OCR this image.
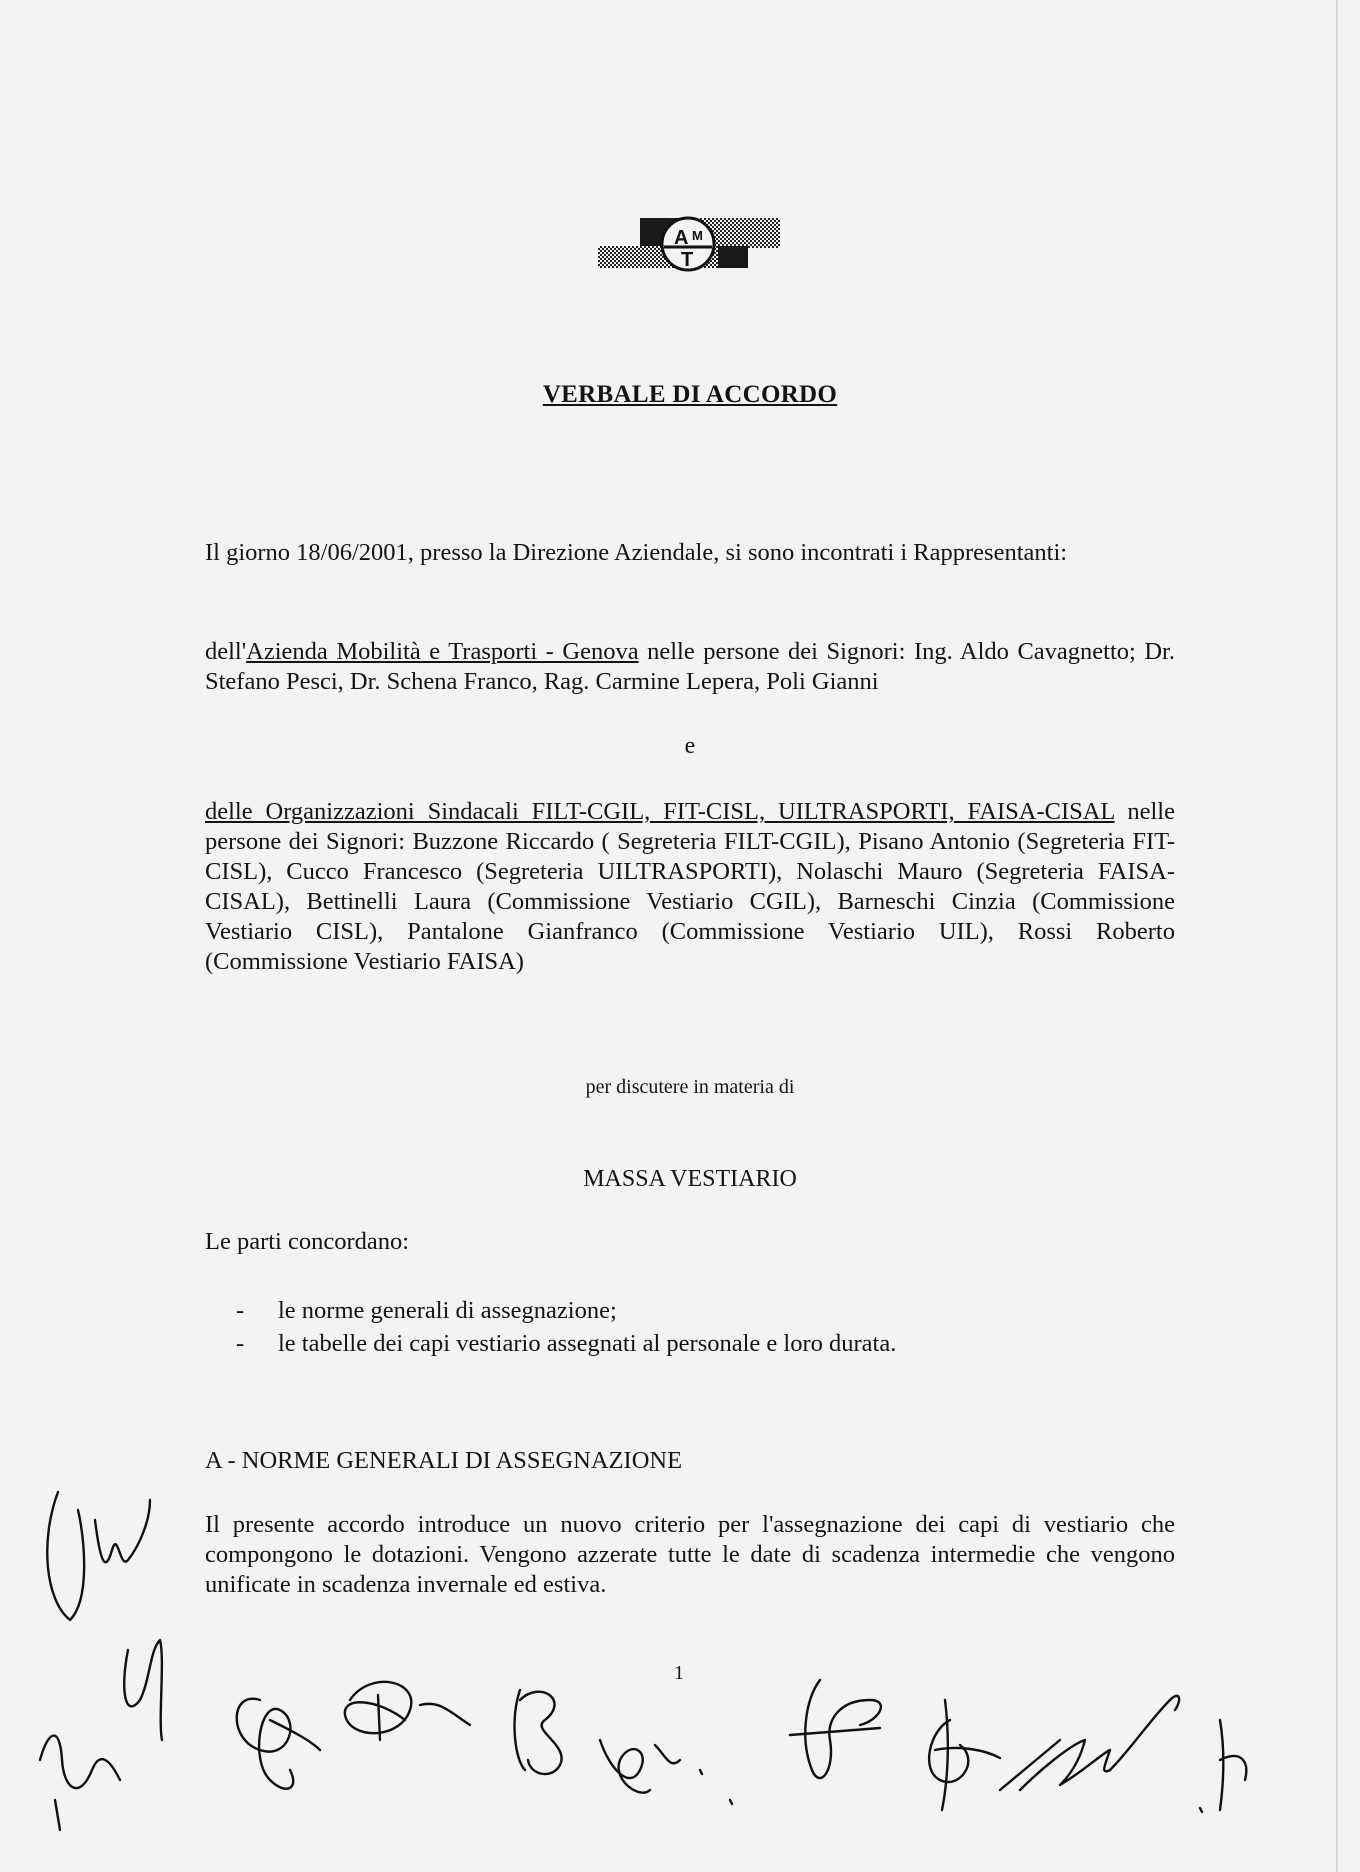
A M
T
VERBALE DI ACCORDO
Il giorno 18/06/2001, presso la Direzione Aziendale, si sono incontrati i Rappresentanti:
dell'Azienda Mobilità e Trasporti - Genova nelle persone dei Signori: Ing. Aldo Cavagnetto; Dr. Stefano Pesci, Dr. Schena Franco, Rag. Carmine Lepera, Poli Gianni
e
delle Organizzazioni Sindacali FILT-CGIL, FIT-CISL, UILTRASPORTI, FAISA-CISAL nelle persone dei Signori: Buzzone Riccardo ( Segreteria FILT-CGIL), Pisano Antonio (Segreteria FIT-CISL), Cucco Francesco (Segreteria UILTRASPORTI), Nolaschi Mauro (Segreteria FAISA-CISAL), Bettinelli Laura (Commissione Vestiario CGIL), Barneschi Cinzia (Commissione Vestiario CISL), Pantalone Gianfranco (Commissione Vestiario UIL), Rossi Roberto (Commissione Vestiario FAISA)
per discutere in materia di
MASSA VESTIARIO
Le parti concordano:
- le norme generali di assegnazione;
- le tabelle dei capi vestiario assegnati al personale e loro durata.
A - NORME GENERALI DI ASSEGNAZIONE
Il presente accordo introduce un nuovo criterio per l'assegnazione dei capi di vestiario che compongono le dotazioni. Vengono azzerate tutte le date di scadenza intermedie che vengono unificate in scadenza invernale ed estiva.
1
